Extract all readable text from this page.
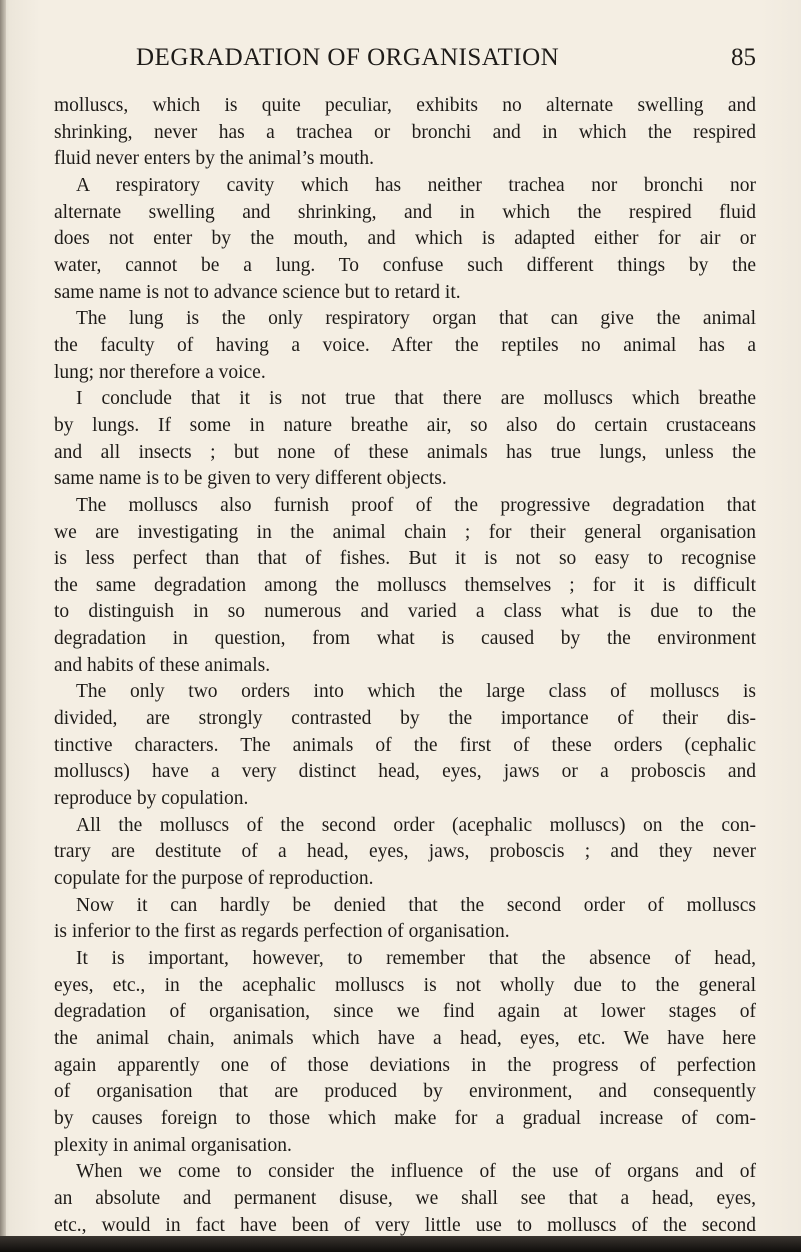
DEGRADATION OF ORGANISATION	85
molluscs, which is quite peculiar, exhibits no alternate swelling and
shrinking, never has a trachea or bronchi and in which the respired
fluid never enters by the animal’s mouth.
A respiratory cavity which has neither trachea nor bronchi nor
alternate swelling and shrinking, and in which the respired fluid
does not enter by the mouth, and which is adapted either for air or
water, cannot be a lung. To confuse such different things by the
same name is not to advance science but to retard it.
The lung is the only respiratory organ that can give the animal
the faculty of having a voice. After the reptiles no animal has a
lung; nor therefore a voice.
I conclude that it is not true that there are molluscs which breathe
by lungs. If some in nature breathe air, so also do certain crustaceans
and all insects ; but none of these animals has true lungs, unless the
same name is to be given to very different objects.
The molluscs also furnish proof of the progressive degradation that
we are investigating in the animal chain ; for their general organisation
is less perfect than that of fishes. But it is not so easy to recognise
the same degradation among the molluscs themselves ; for it is difficult
to distinguish in so numerous and varied a class what is due to the
degradation in question, from what is caused by the environment
and habits of these animals.
The only two orders into which the large class of molluscs is
divided, are strongly contrasted by the importance of their dis-
tinctive characters. The animals of the first of these orders (cephalic
molluscs) have a very distinct head, eyes, jaws or a proboscis and
reproduce by copulation.
All the molluscs of the second order (acephalic molluscs) on the con-
trary are destitute of a head, eyes, jaws, proboscis ; and they never
copulate for the purpose of reproduction.
Now it can hardly be denied that the second order of molluscs
is inferior to the first as regards perfection of organisation.
It is important, however, to remember that the absence of head,
eyes, etc., in the acephalic molluscs is not wholly due to the general
degradation of organisation, since we find again at lower stages of
the animal chain, animals which have a head, eyes, etc. We have here
again apparently one of those deviations in the progress of perfection
of organisation that are produced by environment, and consequently
by causes foreign to those which make for a gradual increase of com-
plexity in animal organisation.
When we come to consider the influence of the use of organs and of
an absolute and permanent disuse, we shall see that a head, eyes,
etc., would in fact have been of very little use to molluscs of the second
